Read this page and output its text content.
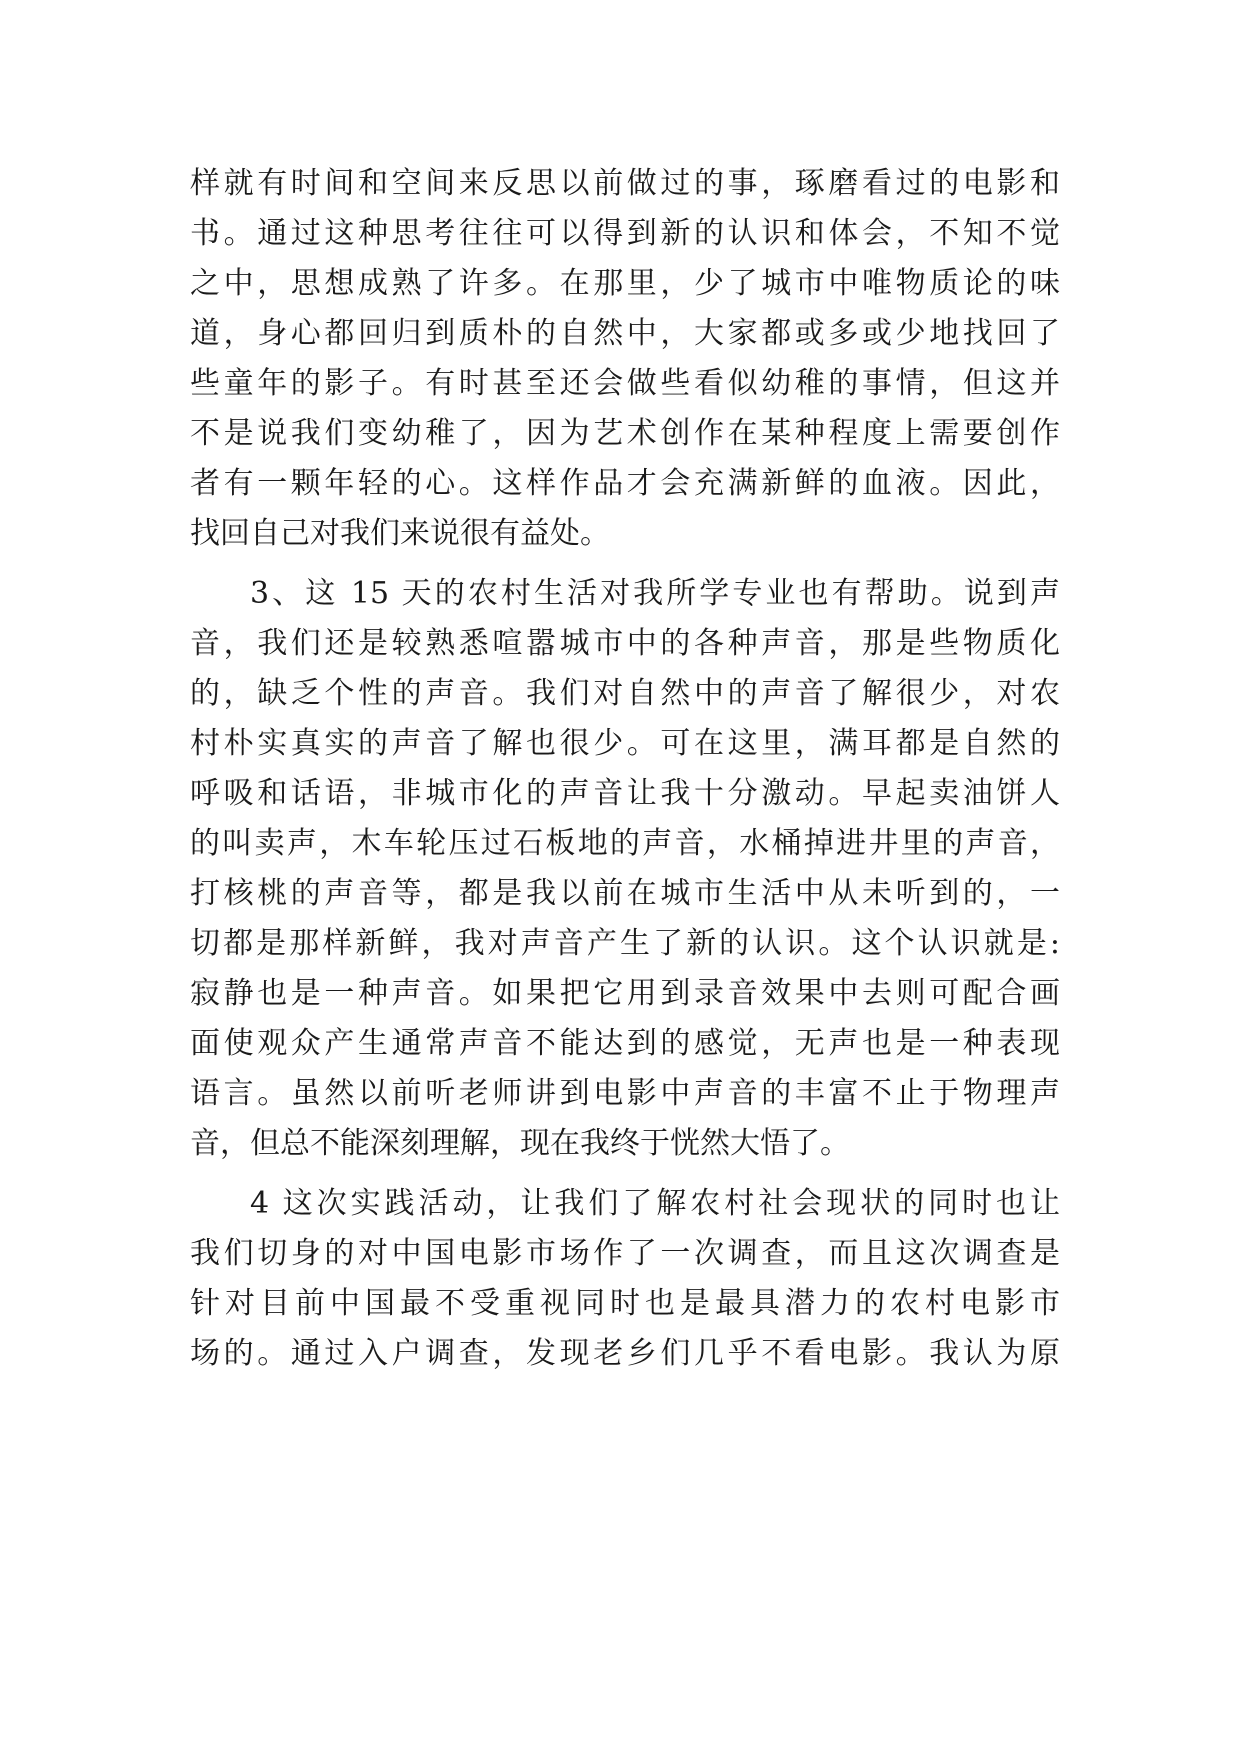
样就有时间和空间来反思以前做过的事，琢磨看过的电影和
书。通过这种思考往往可以得到新的认识和体会，不知不觉
之中，思想成熟了许多。在那里，少了城市中唯物质论的味
道，身心都回归到质朴的自然中，大家都或多或少地找回了
些童年的影子。有时甚至还会做些看似幼稚的事情，但这并
不是说我们变幼稚了，因为艺术创作在某种程度上需要创作
者有一颗年轻的心。这样作品才会充满新鲜的血液。因此，
找回自己对我们来说很有益处。
3、这 15 天的农村生活对我所学专业也有帮助。说到声
音，我们还是较熟悉喧嚣城市中的各种声音，那是些物质化
的，缺乏个性的声音。我们对自然中的声音了解很少，对农
村朴实真实的声音了解也很少。可在这里，满耳都是自然的
呼吸和话语，非城市化的声音让我十分激动。早起卖油饼人
的叫卖声，木车轮压过石板地的声音，水桶掉进井里的声音，
打核桃的声音等，都是我以前在城市生活中从未听到的，一
切都是那样新鲜，我对声音产生了新的认识。这个认识就是:
寂静也是一种声音。如果把它用到录音效果中去则可配合画
面使观众产生通常声音不能达到的感觉，无声也是一种表现
语言。虽然以前听老师讲到电影中声音的丰富不止于物理声
音，但总不能深刻理解，现在我终于恍然大悟了。
4 这次实践活动，让我们了解农村社会现状的同时也让
我们切身的对中国电影市场作了一次调查，而且这次调查是
针对目前中国最不受重视同时也是最具潜力的农村电影市
场的。通过入户调查，发现老乡们几乎不看电影。我认为原
